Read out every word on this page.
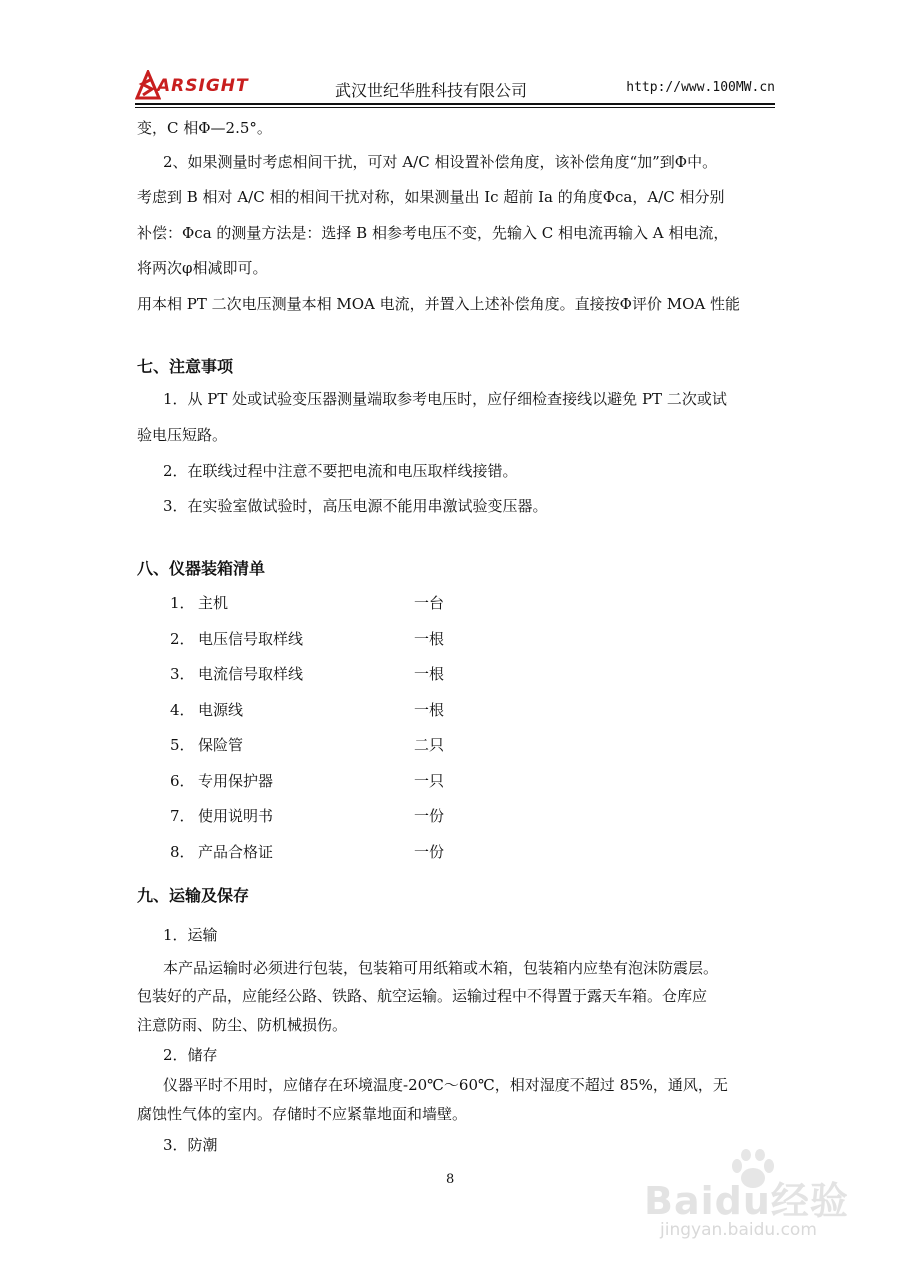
ARSIGHT	武汉世纪华胜科技有限公司	http://www.100MW.cn
变，C 相Φ—2.5°。
2、如果测量时考虑相间干扰，可对 A/C 相设置补偿角度，该补偿角度“加”到Φ中。
考虑到 B 相对 A/C 相的相间干扰对称，如果测量出 Ic 超前 Ia 的角度Φca，A/C 相分别
补偿：Φca 的测量方法是：选择 B 相参考电压不变，先输入 C 相电流再输入 A 相电流，
将两次φ相减即可。
用本相 PT 二次电压测量本相 MOA 电流，并置入上述补偿角度。直接按Φ评价 MOA 性能
七、注意事项
1．从 PT 处或试验变压器测量端取参考电压时，应仔细检查接线以避免 PT 二次或试
验电压短路。
2．在联线过程中注意不要把电流和电压取样线接错。
3．在实验室做试验时，高压电源不能用串激试验变压器。
八、仪器装箱清单
1． 主机	一台
2． 电压信号取样线	一根
3． 电流信号取样线	一根
4． 电源线	一根
5． 保险管	二只
6． 专用保护器	一只
7． 使用说明书	一份
8． 产品合格证	一份
九、运输及保存
1．运输
本产品运输时必须进行包装，包装箱可用纸箱或木箱，包装箱内应垫有泡沫防震层。
包装好的产品，应能经公路、铁路、航空运输。运输过程中不得置于露天车箱。仓库应
注意防雨、防尘、防机械损伤。
2．储存
仪器平时不用时，应储存在环境温度-20℃～60℃，相对湿度不超过 85%，通风，无
腐蚀性气体的室内。存储时不应紧靠地面和墙壁。
3．防潮
8	Baidu经验
jingyan.baidu.com
